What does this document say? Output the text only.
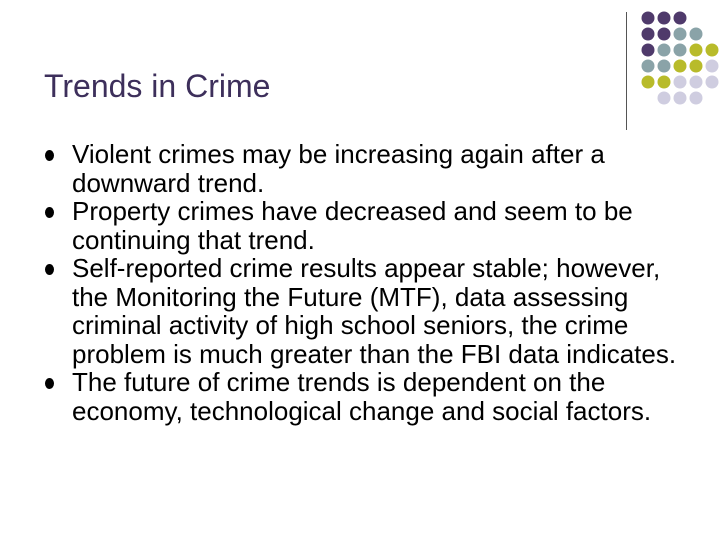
Trends in Crime
Violent crimes may be increasing again after a downward trend.
Property crimes have decreased and seem to be continuing that trend.
Self-reported crime results appear stable; however, the Monitoring the Future (MTF), data assessing criminal activity of high school seniors, the crime problem is much greater than the FBI data indicates.
The future of crime trends is dependent on the economy, technological change and social factors.
